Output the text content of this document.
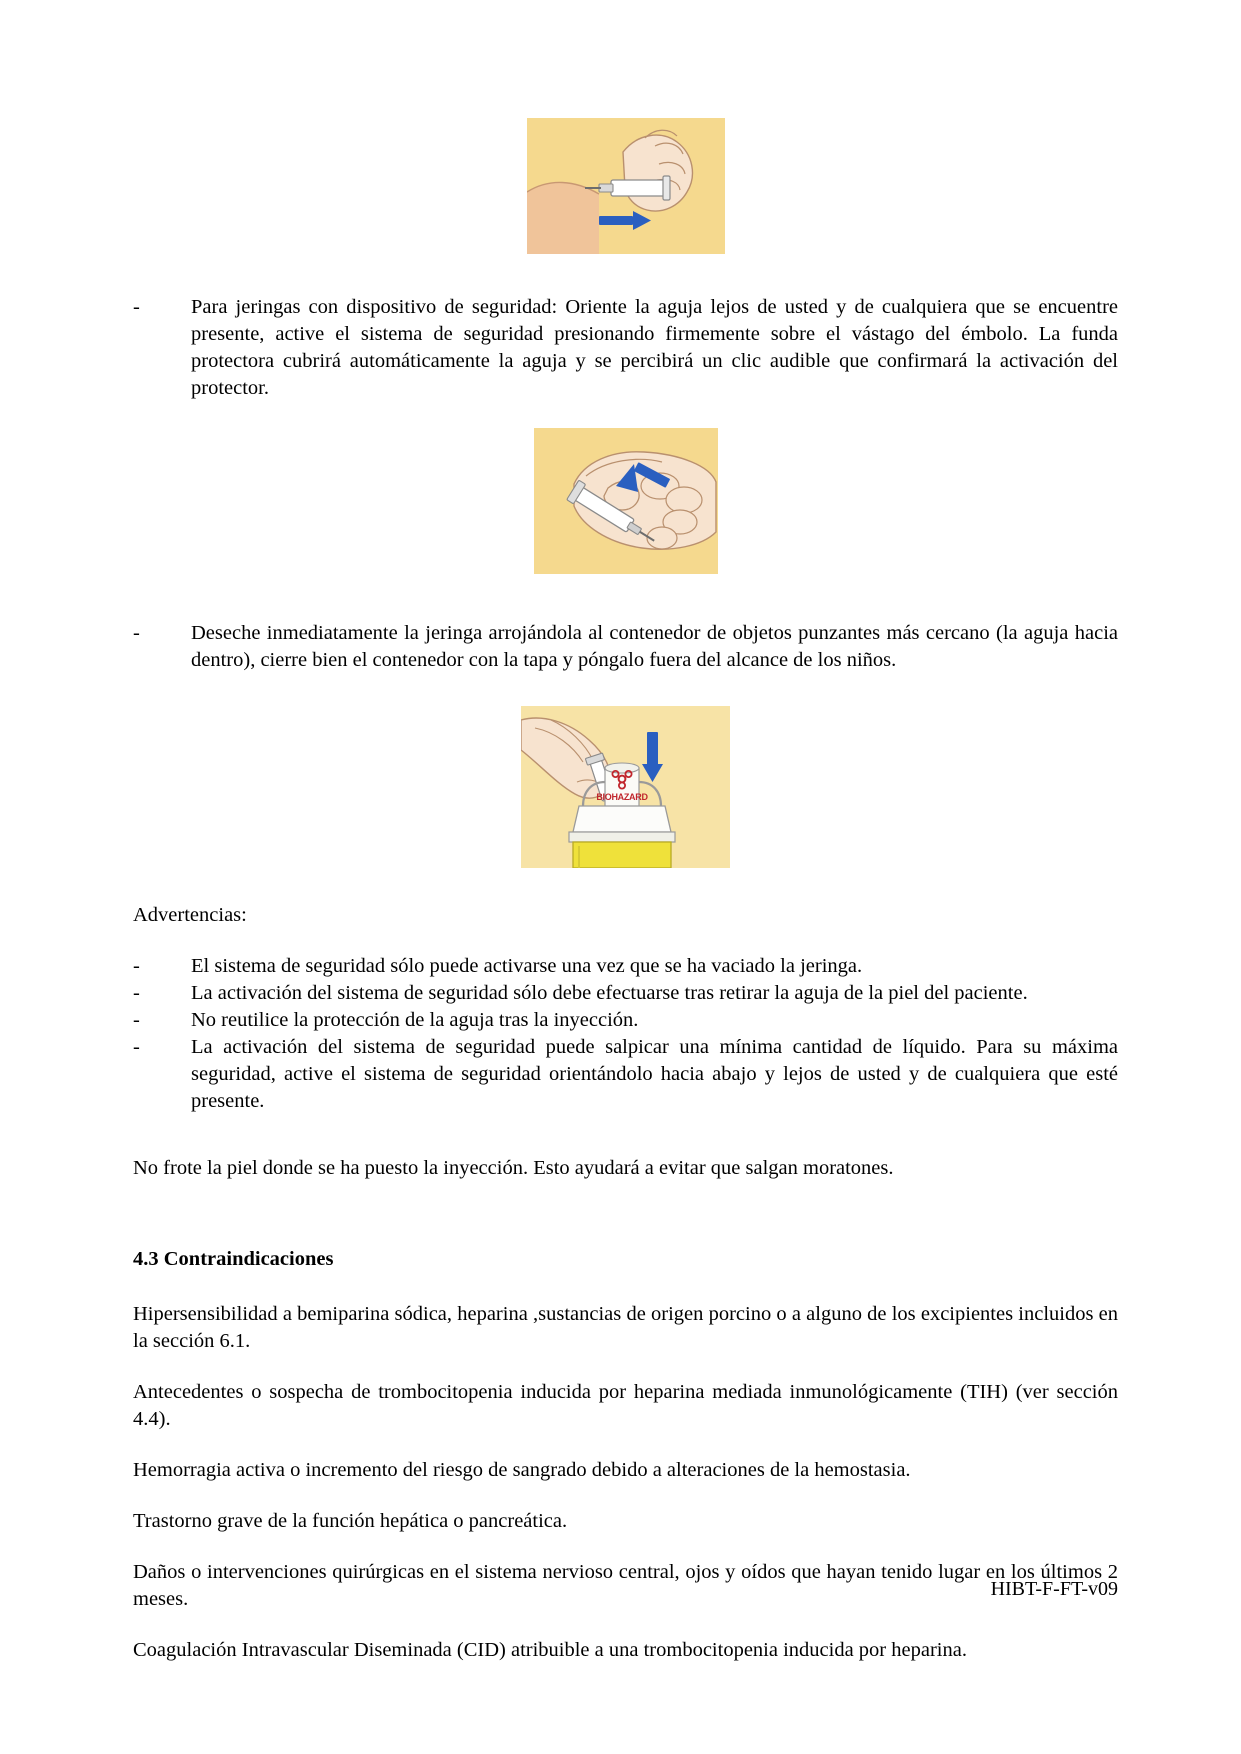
-	Para jeringas con dispositivo de seguridad: Oriente la aguja lejos de usted y de cualquiera que se encuentre presente, active el sistema de seguridad presionando firmemente sobre el vástago del émbolo. La funda protectora cubrirá automáticamente la aguja y se percibirá un clic audible que confirmará la activación del protector.
-	Deseche inmediatamente la jeringa arrojándola al contenedor de objetos punzantes más cercano (la aguja hacia dentro), cierre bien el contenedor con la tapa y póngalo fuera del alcance de los niños.
BIOHAZARD

Advertencias:

-	El sistema de seguridad sólo puede activarse una vez que se ha vaciado la jeringa.
-	La activación del sistema de seguridad sólo debe efectuarse tras retirar la aguja de la piel del paciente.
-	No reutilice la protección de la aguja tras la inyección.
-	La activación del sistema de seguridad puede salpicar una mínima cantidad de líquido. Para su máxima seguridad, active el sistema de seguridad orientándolo hacia abajo y lejos de usted y de cualquiera que esté presente.

No frote la piel donde se ha puesto la inyección. Esto ayudará a evitar que salgan moratones.

4.3 Contraindicaciones

Hipersensibilidad a bemiparina sódica, heparina ,sustancias de origen porcino o a alguno de los excipientes incluidos en la sección 6.1.

Antecedentes o sospecha de trombocitopenia inducida por heparina mediada inmunológicamente (TIH) (ver sección 4.4).

Hemorragia activa o incremento del riesgo de sangrado debido a alteraciones de la hemostasia.

Trastorno grave de la función hepática o pancreática.

Daños o intervenciones quirúrgicas en el sistema nervioso central, ojos y oídos que hayan tenido lugar en los últimos 2 meses.

Coagulación Intravascular Diseminada (CID) atribuible a una trombocitopenia inducida por heparina.

HIBT-F-FT-v09
